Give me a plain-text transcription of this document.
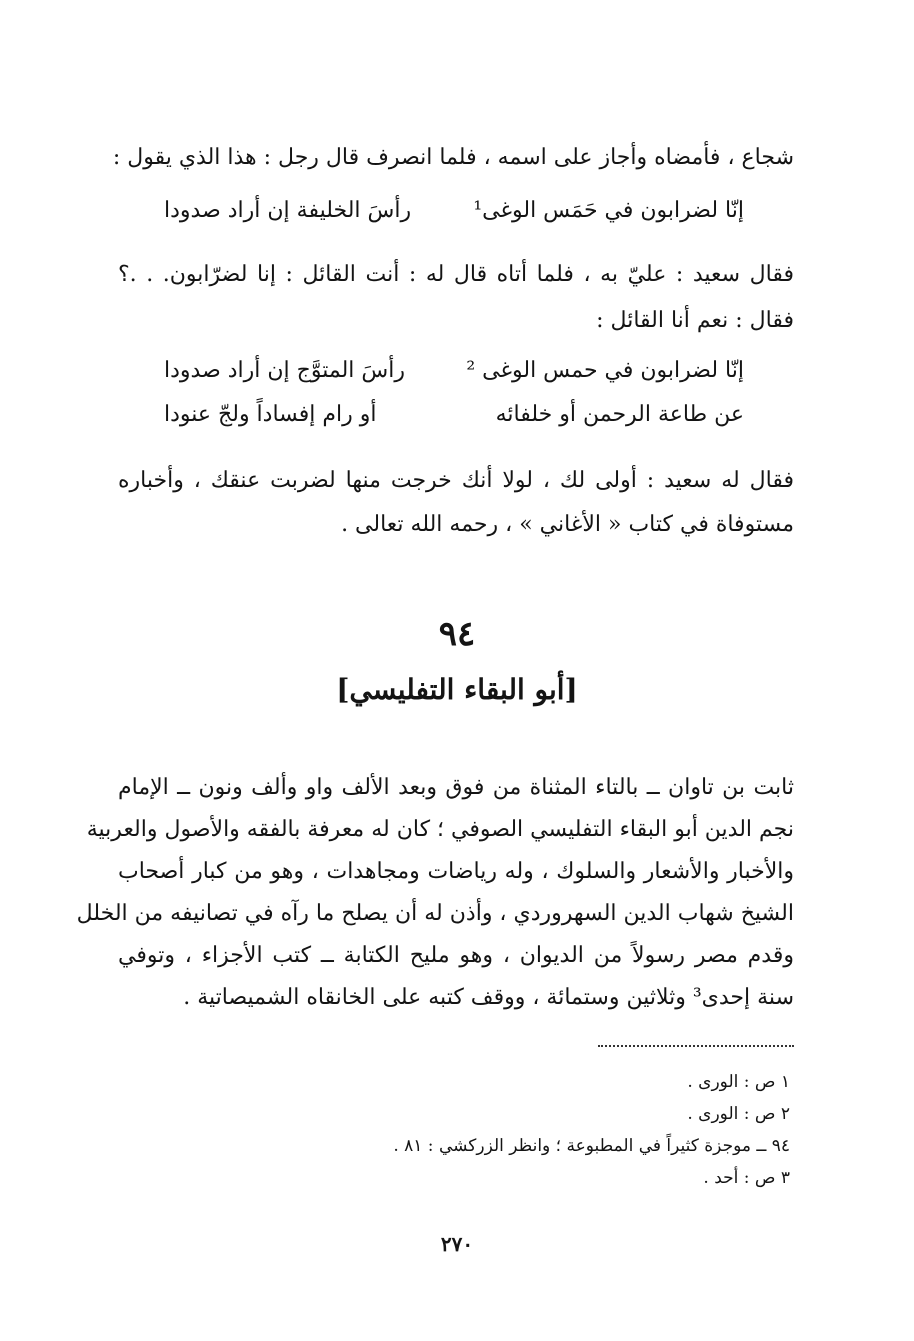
شجاع ، فأمضاه وأجاز على اسمه ، فلما انصرف قال رجل : هذا الذي يقول :
إنّا لضرابون في حَمَس الوغى¹
رأسَ الخليفة إن أراد صدودا
فقال سعيد : عليّ به ، فلما أتاه قال له : أنت القائل : إنا لضرّابون. . .؟
فقال : نعم أنا القائل :
إنّا لضرابون في حمس الوغى ²
رأسَ المتوَّج إن أراد صدودا
عن طاعة الرحمن أو خلفائه
أو رام إفساداً ولجّ عنودا
فقال له سعيد : أولى لك ، لولا أنك خرجت منها لضربت عنقك ، وأخباره
مستوفاة في كتاب « الأغاني » ، رحمه الله تعالى .
٩٤
[أبو البقاء التفليسي]
ثابت بن تاوان ــ بالتاء المثناة من فوق وبعد الألف واو وألف ونون ــ الإمام
نجم الدين أبو البقاء التفليسي الصوفي ؛ كان له معرفة بالفقه والأصول والعربية
والأخبار والأشعار والسلوك ، وله رياضات ومجاهدات ، وهو من كبار أصحاب
الشيخ شهاب الدين السهروردي ، وأذن له أن يصلح ما رآه في تصانيفه من الخلل
وقدم مصر رسولاً من الديوان ، وهو مليح الكتابة ــ كتب الأجزاء ، وتوفي
سنة إحدى³ وثلاثين وستمائة ، ووقف كتبه على الخانقاه الشميصاتية .
١ ص : الورى .
٢ ص : الورى .
٩٤ ــ موجزة كثيراً في المطبوعة ؛ وانظر الزركشي : ٨١ .
٣ ص : أحد .
٢٧٠
